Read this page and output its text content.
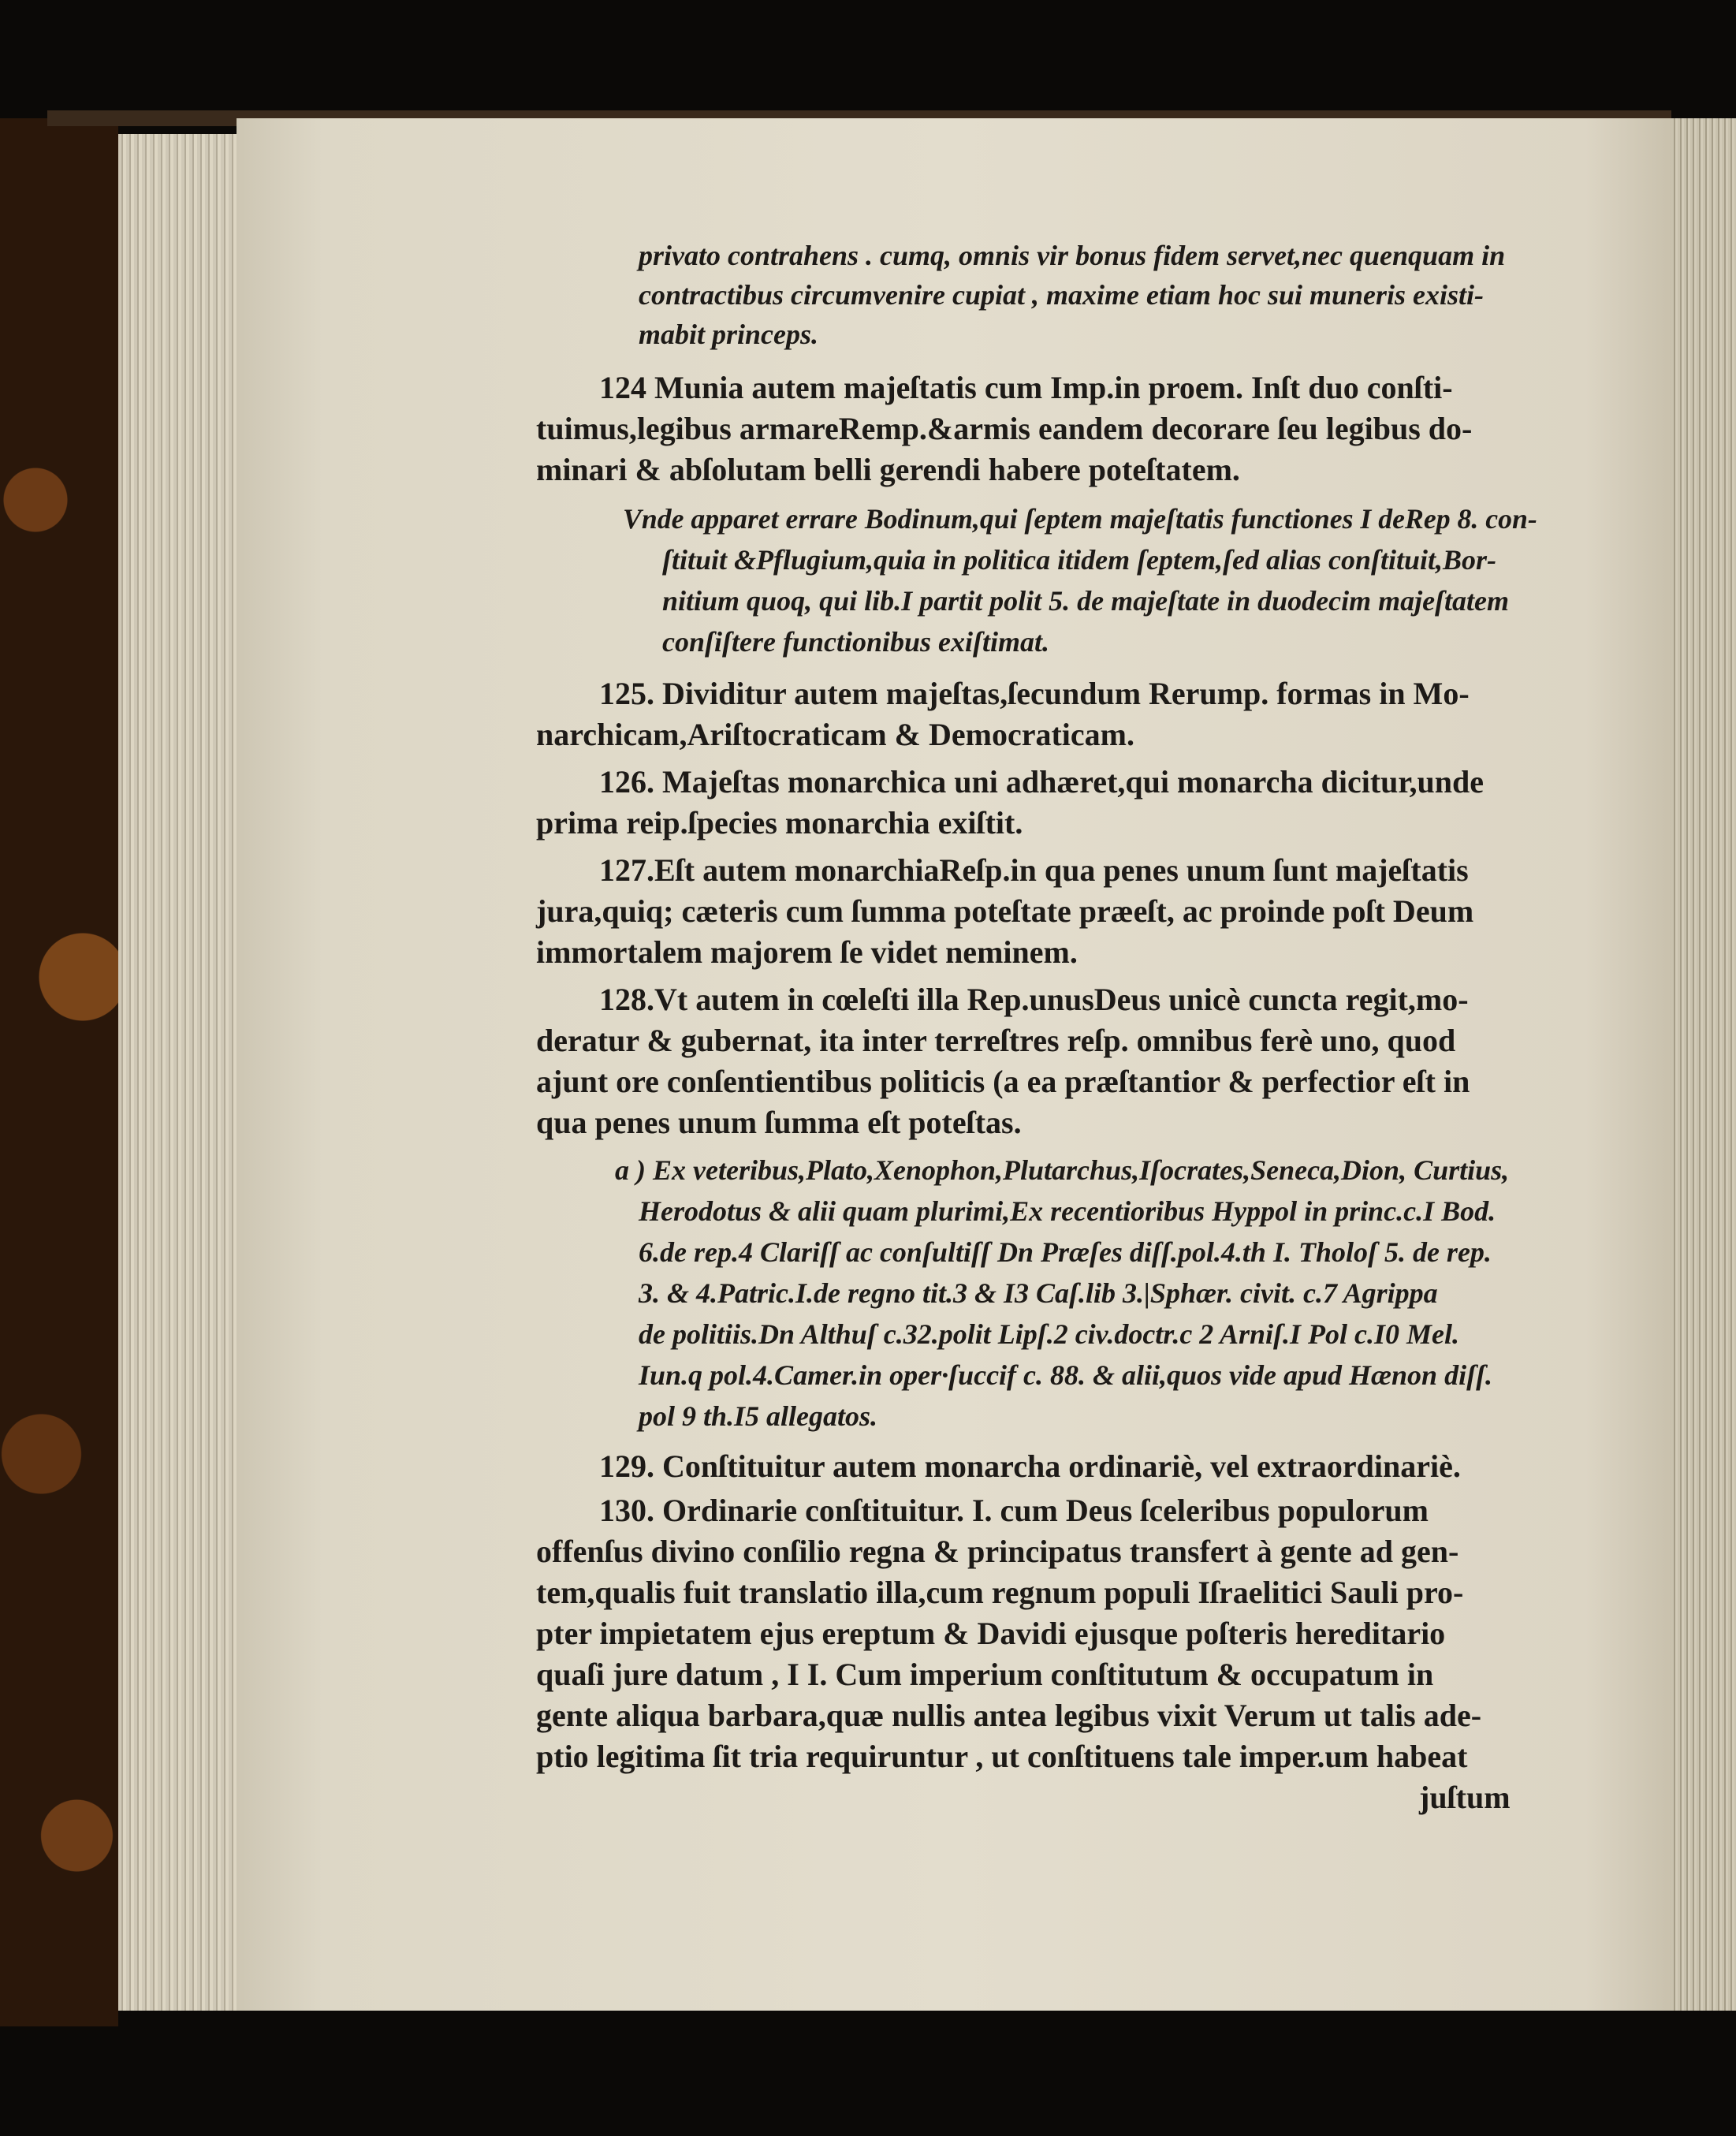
privato contrahens . cumq, omnis vir bonus fidem servet,nec quenquam in
contractibus circumvenire cupiat , maxime etiam hoc sui muneris existi-
mabit princeps.
124 Munia autem majeſtatis cum Imp.in proem. Inſt duo conſti-
tuimus,legibus armareRemp.&armis eandem decorare ſeu legibus do-
minari & abſolutam belli gerendi habere poteſtatem.
Vnde apparet errare Bodinum,qui ſeptem majeſtatis functiones I deRep 8. con-
ſtituit &Pflugium,quia in politica itidem ſeptem,ſed alias conſtituit,Bor-
nitium quoq, qui lib.I partit polit 5. de majeſtate in duodecim majeſtatem
conſiſtere functionibus exiſtimat.
125. Dividitur autem majeſtas,ſecundum Rerump. formas in Mo-
narchicam,Ariſtocraticam & Democraticam.
126. Majeſtas monarchica uni adhæret,qui monarcha dicitur,unde
prima reip.ſpecies monarchia exiſtit.
127.Eſt autem monarchiaReſp.in qua penes unum ſunt majeſtatis
jura,quiq; cæteris cum ſumma poteſtate præeſt, ac proinde poſt Deum
immortalem majorem ſe videt neminem.
128.Vt autem in cœleſti illa Rep.unusDeus unicè cuncta regit,mo-
deratur & gubernat, ita inter terreſtres reſp. omnibus ferè uno, quod
ajunt ore conſentientibus politicis (a ea præſtantior & perfectior eſt in
qua penes unum ſumma eſt poteſtas.
a ) Ex veteribus,Plato,Xenophon,Plutarchus,Iſocrates,Seneca,Dion, Curtius,
Herodotus & alii quam plurimi,Ex recentioribus Hyppol in princ.c.I Bod.
6.de rep.4 Clariſſ ac conſultiſſ Dn Præſes diſſ.pol.4.th I. Tholoſ 5. de rep.
3. & 4.Patric.I.de regno tit.3 & I3 Caſ.lib 3.|Sphær. civit. c.7 Agrippa
de politiis.Dn Althuſ c.32.polit Lipſ.2 civ.doctr.c 2 Arniſ.I Pol c.I0 Mel.
Iun.q pol.4.Camer.in oper·ſuccif c. 88. & alii,quos vide apud Hænon diſſ.
pol 9 th.I5 allegatos.
129. Conſtituitur autem monarcha ordinariè, vel extraordinariè.
130. Ordinarie conſtituitur. I. cum Deus ſceleribus populorum
offenſus divino conſilio regna & principatus transfert à gente ad gen-
tem,qualis fuit translatio illa,cum regnum populi Iſraelitici Sauli pro-
pter impietatem ejus ereptum & Davidi ejusque poſteris hereditario
quaſi jure datum , I I. Cum imperium conſtitutum & occupatum in
gente aliqua barbara,quæ nullis antea legibus vixit Verum ut talis ade-
ptio legitima ſit tria requiruntur , ut conſtituens tale imper.um habeat
juſtum
